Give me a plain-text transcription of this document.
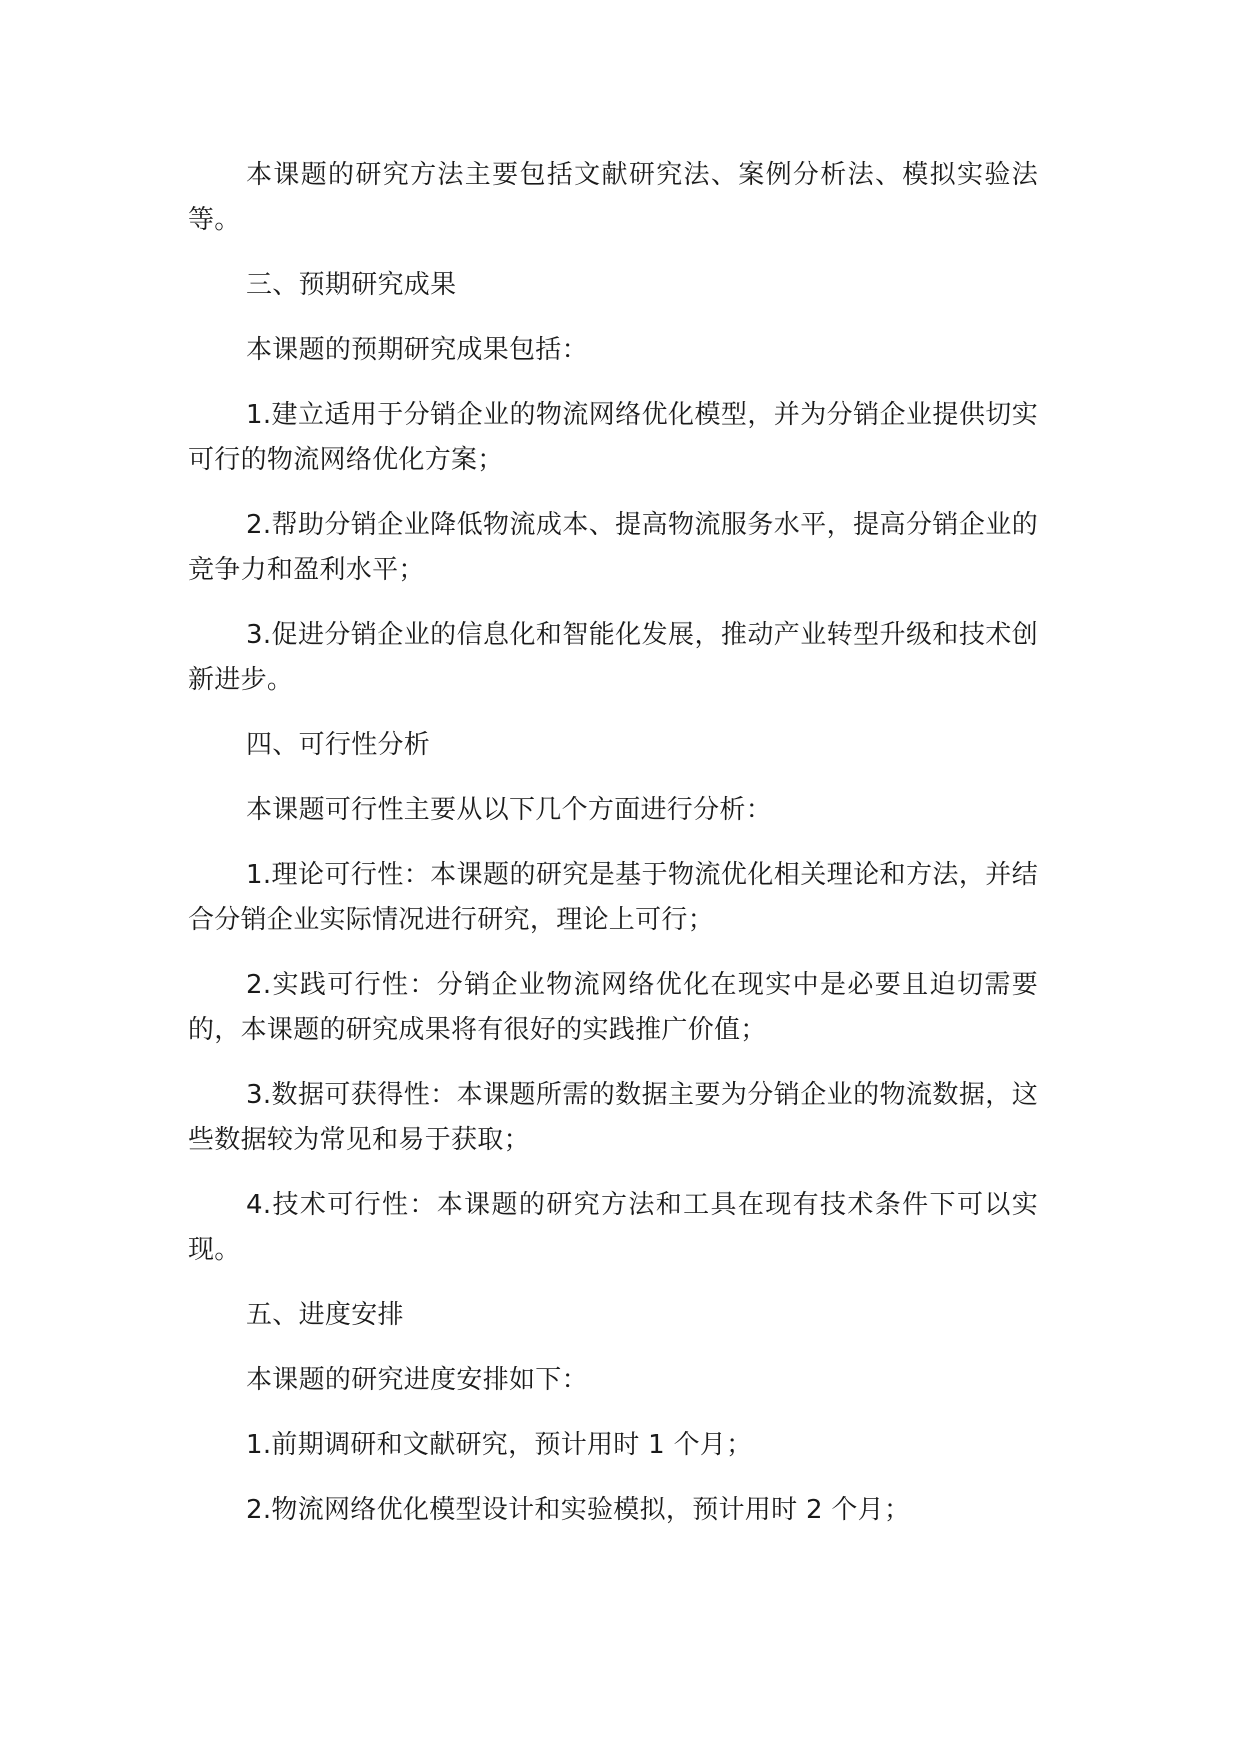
本课题的研究方法主要包括文献研究法、案例分析法、模拟实验法等。

三、预期研究成果

本课题的预期研究成果包括：

1.建立适用于分销企业的物流网络优化模型，并为分销企业提供切实可行的物流网络优化方案；

2.帮助分销企业降低物流成本、提高物流服务水平，提高分销企业的竞争力和盈利水平；

3.促进分销企业的信息化和智能化发展，推动产业转型升级和技术创新进步。

四、可行性分析

本课题可行性主要从以下几个方面进行分析：

1.理论可行性：本课题的研究是基于物流优化相关理论和方法，并结合分销企业实际情况进行研究，理论上可行；

2.实践可行性：分销企业物流网络优化在现实中是必要且迫切需要的，本课题的研究成果将有很好的实践推广价值；

3.数据可获得性：本课题所需的数据主要为分销企业的物流数据，这些数据较为常见和易于获取；

4.技术可行性：本课题的研究方法和工具在现有技术条件下可以实现。

五、进度安排

本课题的研究进度安排如下：

1.前期调研和文献研究，预计用时 1 个月；

2.物流网络优化模型设计和实验模拟，预计用时 2 个月；
